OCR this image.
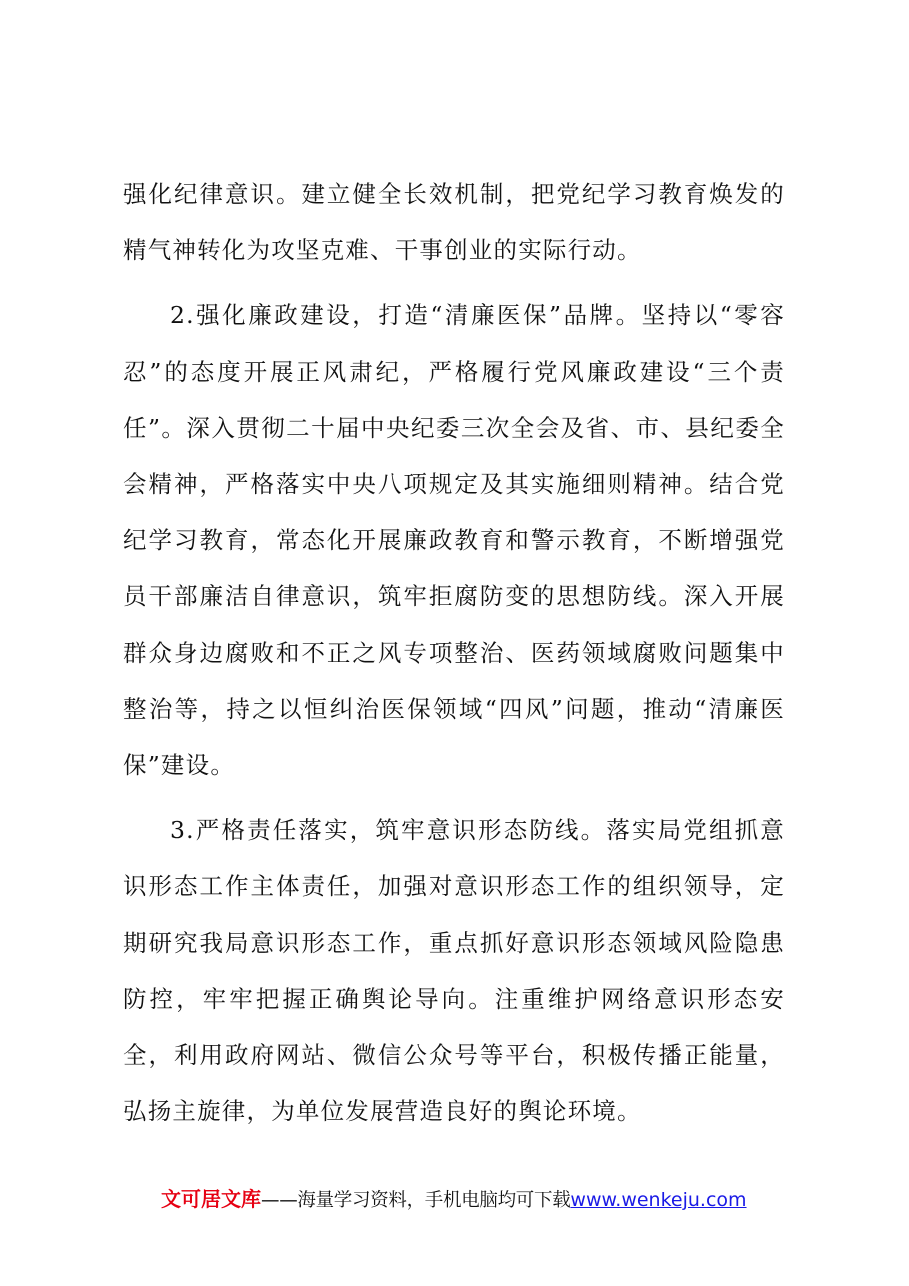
强化纪律意识。建立健全长效机制，把党纪学习教育焕发的精气神转化为攻坚克难、干事创业的实际行动。

2.强化廉政建设，打造“清廉医保”品牌。坚持以“零容忍”的态度开展正风肃纪，严格履行党风廉政建设“三个责任”。深入贯彻二十届中央纪委三次全会及省、市、县纪委全会精神，严格落实中央八项规定及其实施细则精神。结合党纪学习教育，常态化开展廉政教育和警示教育，不断增强党员干部廉洁自律意识，筑牢拒腐防变的思想防线。深入开展群众身边腐败和不正之风专项整治、医药领域腐败问题集中整治等，持之以恒纠治医保领域“四风”问题，推动“清廉医保”建设。

3.严格责任落实，筑牢意识形态防线。落实局党组抓意识形态工作主体责任，加强对意识形态工作的组织领导，定期研究我局意识形态工作，重点抓好意识形态领域风险隐患防控，牢牢把握正确舆论导向。注重维护网络意识形态安全，利用政府网站、微信公众号等平台，积极传播正能量，弘扬主旋律，为单位发展营造良好的舆论环境。

文可居文库——海量学习资料，手机电脑均可下载www.wenkeju.com
